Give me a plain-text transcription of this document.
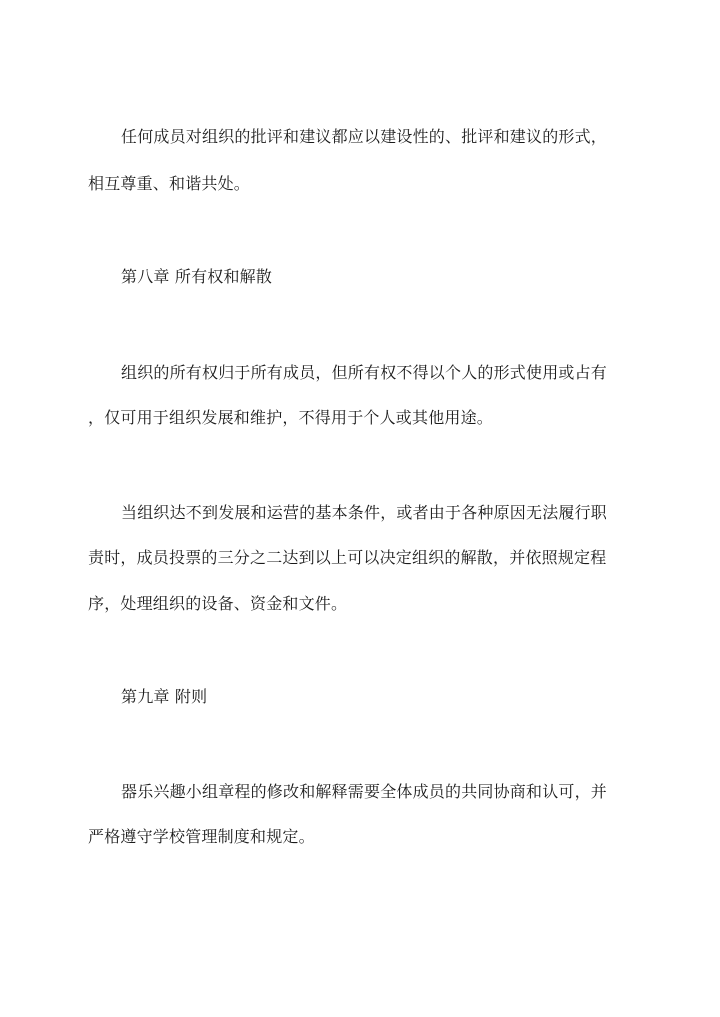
任何成员对组织的批评和建议都应以建设性的、批评和建议的形式，
相互尊重、和谐共处。
第八章 所有权和解散
组织的所有权归于所有成员，但所有权不得以个人的形式使用或占有
，仅可用于组织发展和维护，不得用于个人或其他用途。
当组织达不到发展和运营的基本条件，或者由于各种原因无法履行职
责时，成员投票的三分之二达到以上可以决定组织的解散，并依照规定程
序，处理组织的设备、资金和文件。
第九章 附则
器乐兴趣小组章程的修改和解释需要全体成员的共同协商和认可，并
严格遵守学校管理制度和规定。
